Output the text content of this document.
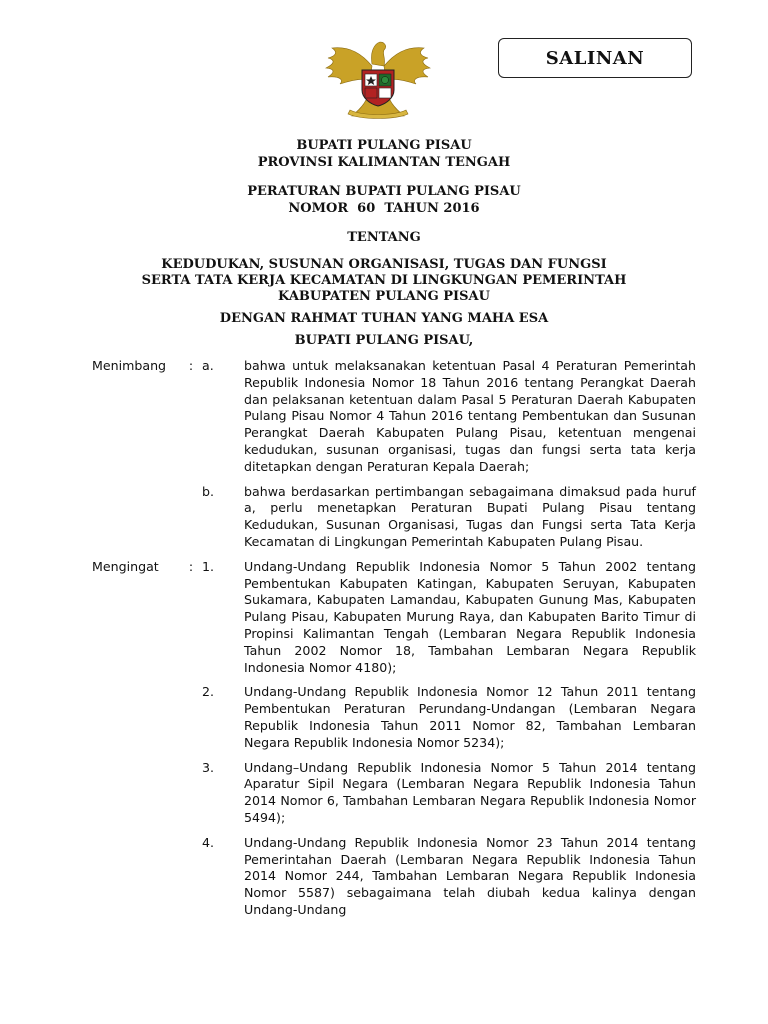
SALINAN
BUPATI PULANG PISAU
PROVINSI KALIMANTAN TENGAH
PERATURAN BUPATI PULANG PISAU
NOMOR  60  TAHUN 2016
TENTANG
KEDUDUKAN, SUSUNAN ORGANISASI, TUGAS DAN FUNGSI
SERTA TATA KERJA KECAMATAN DI LINGKUNGAN PEMERINTAH
KABUPATEN PULANG PISAU
DENGAN RAHMAT TUHAN YANG MAHA ESA
BUPATI PULANG PISAU,
Menimbang	: a.	bahwa untuk melaksanakan ketentuan Pasal 4 Peraturan Pemerintah Republik Indonesia Nomor 18 Tahun 2016 tentang Perangkat Daerah dan pelaksanan ketentuan dalam Pasal 5 Peraturan Daerah Kabupaten Pulang Pisau Nomor 4 Tahun 2016 tentang Pembentukan dan Susunan Perangkat Daerah Kabupaten Pulang Pisau, ketentuan mengenai kedudukan, susunan organisasi, tugas dan fungsi serta tata kerja ditetapkan dengan Peraturan Kepala Daerah;
b.	bahwa berdasarkan pertimbangan sebagaimana dimaksud pada huruf a, perlu menetapkan Peraturan Bupati Pulang Pisau tentang Kedudukan, Susunan Organisasi, Tugas dan Fungsi serta Tata Kerja Kecamatan di Lingkungan Pemerintah Kabupaten Pulang Pisau.
Mengingat	: 1.	Undang-Undang Republik Indonesia Nomor 5 Tahun 2002 tentang Pembentukan Kabupaten Katingan, Kabupaten Seruyan, Kabupaten Sukamara, Kabupaten Lamandau, Kabupaten Gunung Mas, Kabupaten Pulang Pisau, Kabupaten Murung Raya, dan Kabupaten Barito Timur di Propinsi Kalimantan Tengah (Lembaran Negara Republik Indonesia Tahun 2002 Nomor 18, Tambahan Lembaran Negara Republik Indonesia Nomor 4180);
2.	Undang-Undang Republik Indonesia Nomor 12 Tahun 2011 tentang Pembentukan Peraturan Perundang-Undangan (Lembaran Negara Republik Indonesia Tahun 2011 Nomor 82, Tambahan Lembaran Negara Republik Indonesia Nomor 5234);
3.	Undang–Undang Republik Indonesia Nomor 5 Tahun 2014 tentang Aparatur Sipil Negara (Lembaran Negara Republik Indonesia Tahun 2014 Nomor 6, Tambahan Lembaran Negara Republik Indonesia Nomor 5494);
4.	Undang-Undang Republik Indonesia Nomor 23 Tahun 2014 tentang Pemerintahan Daerah (Lembaran Negara Republik Indonesia Tahun 2014 Nomor 244, Tambahan Lembaran Negara Republik Indonesia Nomor 5587) sebagaimana telah diubah kedua kalinya dengan Undang-Undang
